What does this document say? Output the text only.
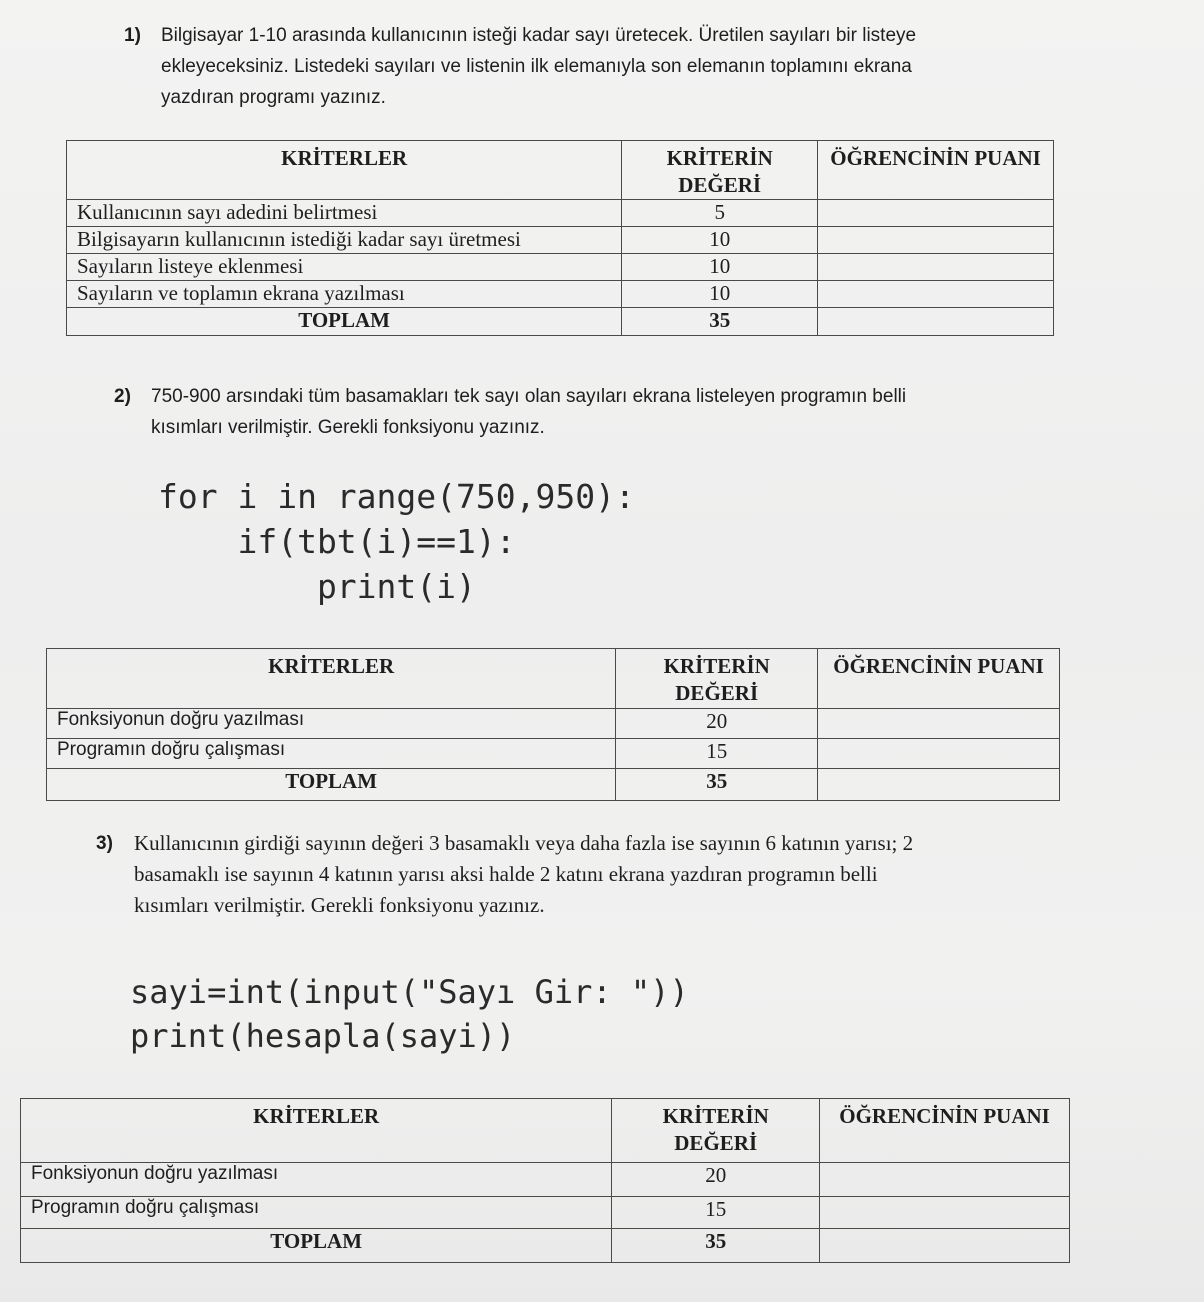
1) Bilgisayar 1-10 arasında kullanıcının isteği kadar sayı üretecek. Üretilen sayıları bir listeye
ekleyeceksiniz. Listedeki sayıları ve listenin ilk elemanıyla son elemanın toplamını ekrana
yazdıran programı yazınız.
KRİTERLER	KRİTERİN DEĞERİ	ÖĞRENCİNİN PUANI
Kullanıcının sayı adedini belirtmesi	5	
Bilgisayarın kullanıcının istediği kadar sayı üretmesi	10	
Sayıların listeye eklenmesi	10	
Sayıların ve toplamın ekrana yazılması	10	
TOPLAM	35	
2) 750-900 arsındaki tüm basamakları tek sayı olan sayıları ekrana listeleyen programın belli
kısımları verilmiştir. Gerekli fonksiyonu yazınız.
for i in range(750,950):
if(tbt(i)==1):
print(i)
KRİTERLER	KRİTERİN DEĞERİ	ÖĞRENCİNİN PUANI
Fonksiyonun doğru yazılması	20	
Programın doğru çalışması	15	
TOPLAM	35	
3) Kullanıcının girdiği sayının değeri 3 basamaklı veya daha fazla ise sayının 6 katının yarısı; 2
basamaklı ise sayının 4 katının yarısı aksi halde 2 katını ekrana yazdıran programın belli
kısımları verilmiştir. Gerekli fonksiyonu yazınız.
sayi=int(input("Sayı Gir: "))
print(hesapla(sayi))
KRİTERLER	KRİTERİN DEĞERİ	ÖĞRENCİNİN PUANI
Fonksiyonun doğru yazılması	20	
Programın doğru çalışması	15	
TOPLAM	35	
